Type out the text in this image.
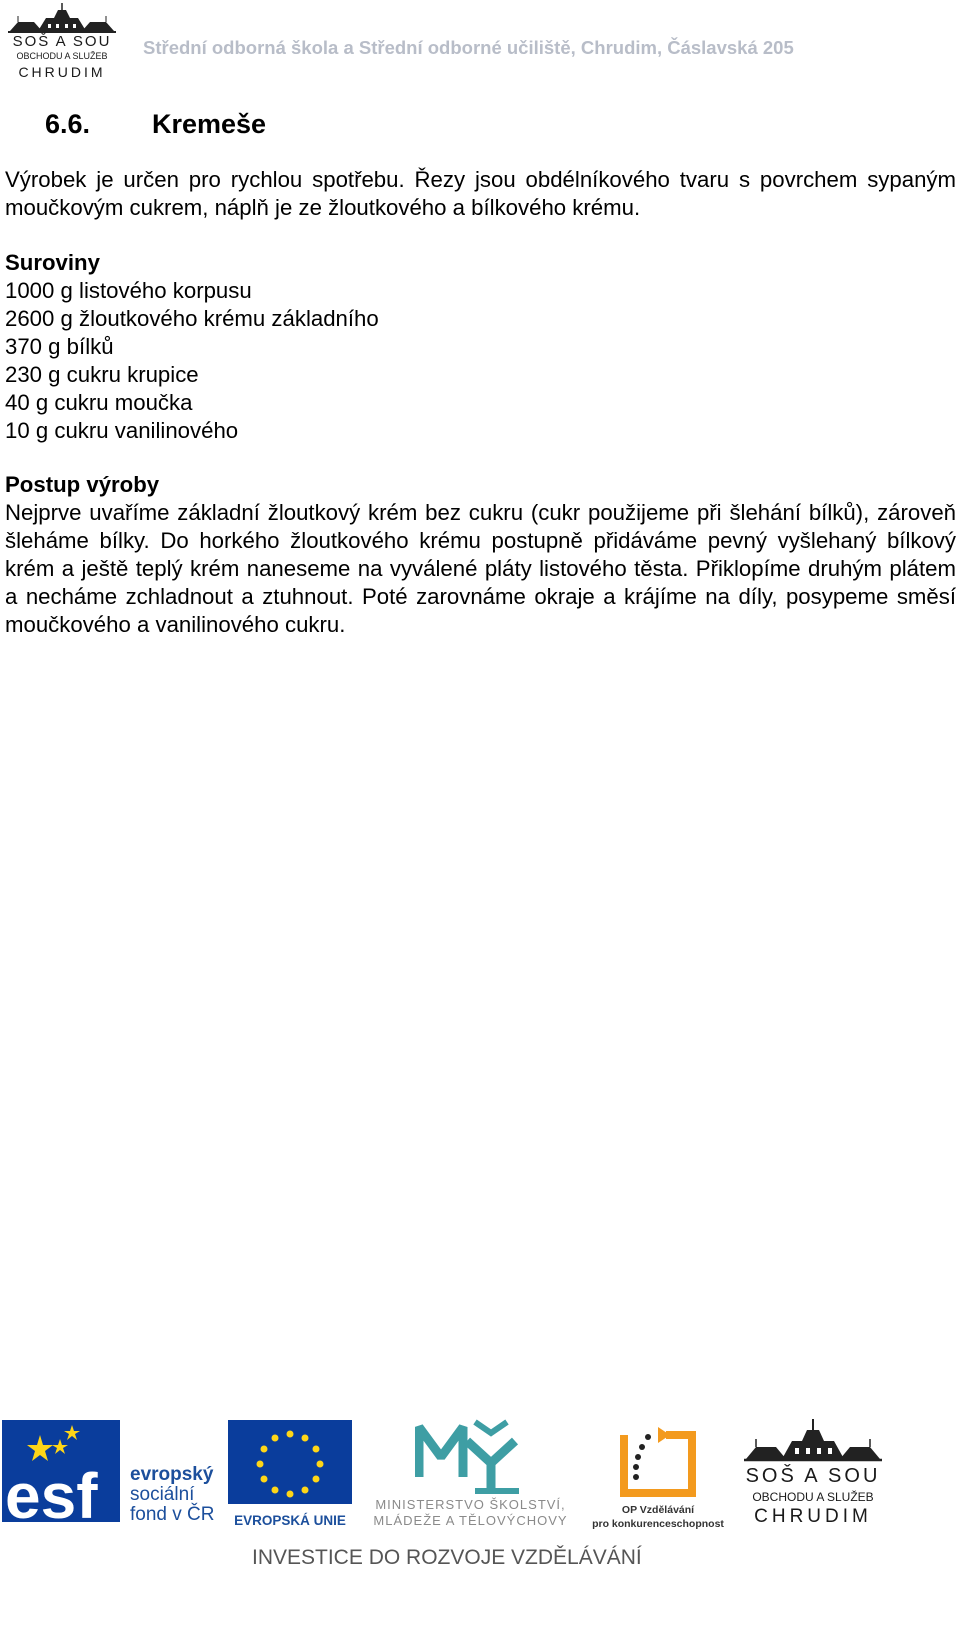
SOŠ A SOU
OBCHODU A SLUŽEB
CHRUDIM
Střední odborná škola a Střední odborné učiliště, Chrudim, Čáslavská 205
6.6. Kremeše
Výrobek je určen pro rychlou spotřebu. Řezy jsou obdélníkového tvaru s povrchem sypaným moučkovým cukrem, náplň je ze žloutkového a bílkového krému.
Suroviny
1000 g listového korpusu
2600 g žloutkového krému základního
370 g bílků
230 g cukru krupice
40 g cukru moučka
10 g cukru vanilinového
Postup výroby
Nejprve uvaříme základní žloutkový krém bez cukru (cukr použijeme při šlehání bílků), zároveň šleháme bílky. Do horkého žloutkového krému postupně přidáváme pevný vyšlehaný bílkový krém a ještě teplý krém naneseme na vyválené pláty listového těsta. Přiklopíme druhým plátem a necháme zchladnout a ztuhnout. Poté zarovnáme okraje a krájíme na díly, posypeme směsí moučkového a vanilinového cukru.
esf evropský
sociální
fond v ČR	EVROPSKÁ UNIE
MINISTERSTVO ŠKOLSTVÍ,
MLÁDEŽE A TĚLOVÝCHOVY
OP Vzdělávání
pro konkurenceschopnost
SOŠ A SOU
OBCHODU A SLUŽEB
CHRUDIM
INVESTICE DO ROZVOJE VZDĚLÁVÁNÍ
